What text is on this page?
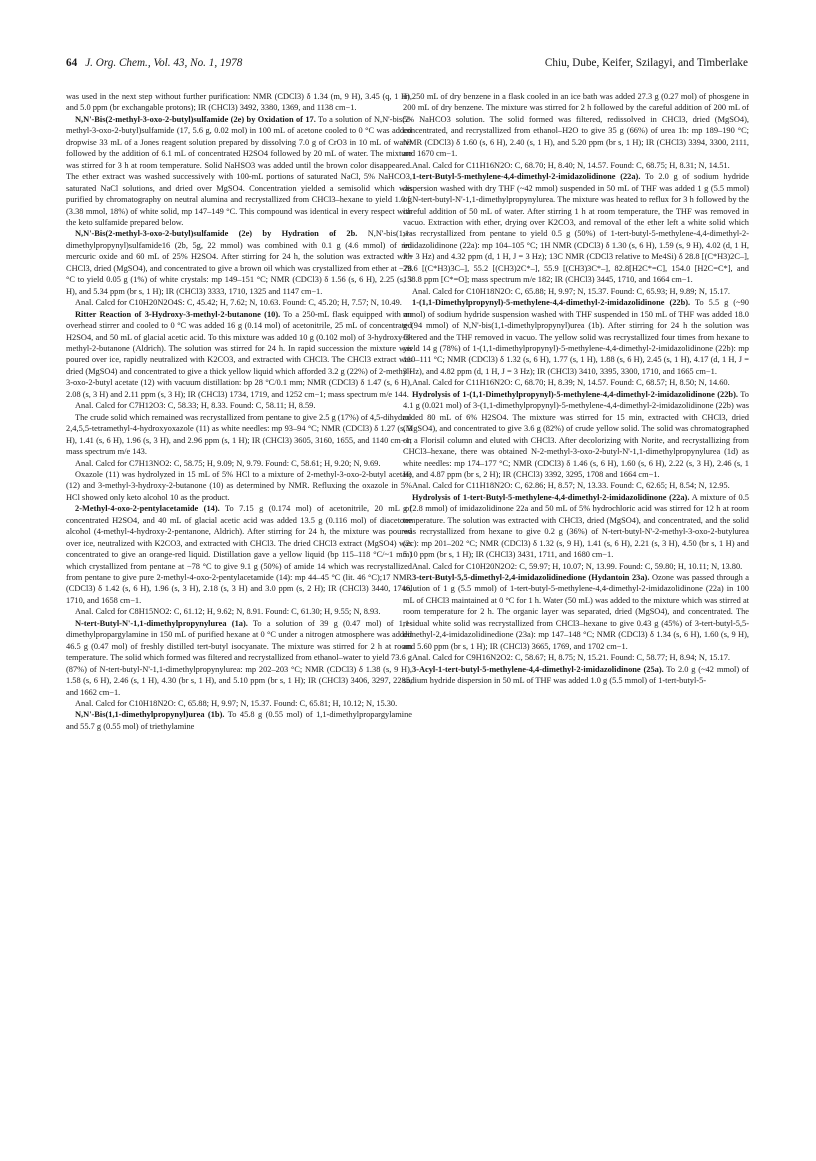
64 J. Org. Chem., Vol. 43, No. 1, 1978	Chiu, Dube, Keifer, Szilagyi, and Timberlake

was used in the next step without further purification: NMR (CDCl3) δ 1.34 (m, 9 H), 3.45 (q, 1 H), and 5.0 ppm (br exchangable protons); IR (CHCl3) 3492, 3380, 1369, and 1138 cm−1.

N,N'-Bis(2-methyl-3-oxo-2-butyl)sulfamide (2e) by Oxidation of 17. To a solution of N,N'-bis(2-methyl-3-oxo-2-butyl)sulfamide (17, 5.6 g, 0.02 mol) in 100 mL of acetone cooled to 0 °C was added dropwise 33 mL of a Jones reagent solution prepared by dissolving 7.0 g of CrO3 in 10 mL of water followed by the addition of 6.1 mL of concentrated H2SO4 followed by 20 mL of water. The mixture was stirred for 3 h at room temperature. Solid NaHSO3 was added until the brown color disappeared. The ether extract was washed successively with 100-mL portions of saturated NaCl, 5% NaHCO3, saturated NaCl solutions, and dried over MgSO4. Concentration yielded a semisolid which was purified by chromatography on neutral alumina and recrystallized from CHCl3–hexane to yield 1.0 g (3.38 mmol, 18%) of white solid, mp 147–149 °C. This compound was identical in every respect with the keto sulfamide prepared below.

N,N'-Bis(2-methyl-3-oxo-2-butyl)sulfamide (2e) by Hydration of 2b. N,N'-bis(1,1-dimethylpropynyl)sulfamide16 (2b, 5g, 22 mmol) was combined with 0.1 g (4.6 mmol) of red mercuric oxide and 60 mL of 25% H2SO4. After stirring for 24 h, the solution was extracted with CHCl3, dried (MgSO4), and concentrated to give a brown oil which was crystallized from ether at −78 °C to yield 0.05 g (1%) of white crystals: mp 149–151 °C; NMR (CDCl3) δ 1.56 (s, 6 H), 2.25 (s, 3 H), and 5.34 ppm (br s, 1 H); IR (CHCl3) 3333, 1710, 1325 and 1147 cm−1.

Anal. Calcd for C10H20N2O4S: C, 45.42; H, 7.62; N, 10.63. Found: C, 45.20; H, 7.57; N, 10.49.

Ritter Reaction of 3-Hydroxy-3-methyl-2-butanone (10). To a 250-mL flask equipped with an overhead stirrer and cooled to 0 °C was added 16 g (0.14 mol) of acetonitrile, 25 mL of concentrated H2SO4, and 50 mL of glacial acetic acid. To this mixture was added 10 g (0.102 mol) of 3-hydroxy-3-methyl-2-butanone (Aldrich). The solution was stirred for 24 h. In rapid succession the mixture was poured over ice, rapidly neutralized with K2CO3, and extracted with CHCl3. The CHCl3 extract was dried (MgSO4) and concentrated to give a thick yellow liquid which afforded 3.2 g (22%) of 2-methyl-3-oxo-2-butyl acetate (12) with vacuum distillation: bp 28 °C/0.1 mm; NMR (CDCl3) δ 1.47 (s, 6 H), 2.08 (s, 3 H) and 2.11 ppm (s, 3 H); IR (CHCl3) 1734, 1719, and 1252 cm−1; mass spectrum m/e 144.

Anal. Calcd for C7H12O3: C, 58.33; H, 8.33. Found: C, 58.11; H, 8.59.

The crude solid which remained was recrystallized from pentane to give 2.5 g (17%) of 4,5-dihydro-2,4,5,5-tetramethyl-4-hydroxyoxazole (11) as white needles: mp 93–94 °C; NMR (CDCl3) δ 1.27 (s, 3 H), 1.41 (s, 6 H), 1.96 (s, 3 H), and 2.96 ppm (s, 1 H); IR (CHCl3) 3605, 3160, 1655, and 1140 cm−1; mass spectrum m/e 143.

Anal. Calcd for C7H13NO2: C, 58.75; H, 9.09; N, 9.79. Found: C, 58.61; H, 9.20; N, 9.69.

Oxazole (11) was hydrolyzed in 15 mL of 5% HCl to a mixture of 2-methyl-3-oxo-2-butyl acetate (12) and 3-methyl-3-hydroxy-2-butanone (10) as determined by NMR. Refluxing the oxazole in 5% HCl showed only keto alcohol 10 as the product.

2-Methyl-4-oxo-2-pentylacetamide (14). To 7.15 g (0.174 mol) of acetonitrile, 20 mL of concentrated H2SO4, and 40 mL of glacial acetic acid was added 13.5 g (0.116 mol) of diacetone alcohol (4-methyl-4-hydroxy-2-pentanone, Aldrich). After stirring for 24 h, the mixture was poured over ice, neutralized with K2CO3, and extracted with CHCl3. The dried CHCl3 extract (MgSO4) was concentrated to give an orange-red liquid. Distillation gave a yellow liquid (bp 115–118 °C/~1 mm) which crystallized from pentane at −78 °C to give 9.1 g (50%) of amide 14 which was recrystallized from pentane to give pure 2-methyl-4-oxo-2-pentylacetamide (14): mp 44–45 °C (lit. 46 °C);17 NMR (CDCl3) δ 1.42 (s, 6 H), 1.96 (s, 3 H), 2.18 (s, 3 H) and 3.0 ppm (s, 2 H); IR (CHCl3) 3440, 1746, 1710, and 1658 cm−1.

Anal. Calcd for C8H15NO2: C, 61.12; H, 9.62; N, 8.91. Found: C, 61.30; H, 9.55; N, 8.93.

N-tert-Butyl-N'-1,1-dimethylpropynylurea (1a). To a solution of 39 g (0.47 mol) of 1,1-dimethylpropargylamine in 150 mL of purified hexane at 0 °C under a nitrogen atmosphere was added 46.5 g (0.47 mol) of freshly distilled tert-butyl isocyanate. The mixture was stirred for 2 h at room temperature. The solid which formed was filtered and recrystallized from ethanol–water to yield 73.6 g (87%) of N-tert-butyl-N'-1,1-dimethylpropynylurea: mp 202–203 °C; NMR (CDCl3) δ 1.38 (s, 9 H), 1.58 (s, 6 H), 2.46 (s, 1 H), 4.30 (br s, 1 H), and 5.10 ppm (br s, 1 H); IR (CHCl3) 3406, 3297, 2285, and 1662 cm−1.

Anal. Calcd for C10H18N2O: C, 65.88; H, 9.97; N, 15.37. Found: C, 65.81; H, 10.12; N, 15.30.

N,N'-Bis(1,1-dimethylpropynyl)urea (1b). To 45.8 g (0.55 mol) of 1,1-dimethylpropargylamine and 55.7 g (0.55 mol) of triethylamine

in 250 mL of dry benzene in a flask cooled in an ice bath was added 27.3 g (0.27 mol) of phosgene in 200 mL of dry benzene. The mixture was stirred for 2 h followed by the careful addition of 200 mL of 5% NaHCO3 solution. The solid formed was filtered, redissolved in CHCl3, dried (MgSO4), concentrated, and recrystallized from ethanol–H2O to give 35 g (66%) of urea 1b: mp 189–190 °C; NMR (CDCl3) δ 1.60 (s, 6 H), 2.40 (s, 1 H), and 5.20 ppm (br s, 1 H); IR (CHCl3) 3394, 3300, 2111, and 1670 cm−1.

Anal. Calcd for C11H16N2O: C, 68.70; H, 8.40; N, 14.57. Found: C, 68.75; H, 8.31; N, 14.51.

1-tert-Butyl-5-methylene-4,4-dimethyl-2-imidazolidinone (22a). To 2.0 g of sodium hydride dispersion washed with dry THF (~42 mmol) suspended in 50 mL of THF was added 1 g (5.5 mmol) of N-tert-butyl-N'-1,1-dimethylpropynylurea. The mixture was heated to reflux for 3 h followed by the careful addition of 50 mL of water. After stirring 1 h at room temperature, the THF was removed in vacuo. Extraction with ether, drying over K2CO3, and removal of the ether left a white solid which was recrystallized from pentane to yield 0.5 g (50%) of 1-tert-butyl-5-methylene-4,4-dimethyl-2-imidazolidinone (22a): mp 104–105 °C; 1H NMR (CDCl3) δ 1.30 (s, 6 H), 1.59 (s, 9 H), 4.02 (d, 1 H, J = 3 Hz) and 4.32 ppm (d, 1 H, J = 3 Hz); 13C NMR (CDCl3 relative to Me4Si) δ 28.8 [(C*H3)2C–], 29.6 [(C*H3)3C–], 55.2 [(CH3)2C*–], 55.9 [(CH3)3C*–], 82.8[H2C*=C], 154.0 [H2C=C*], and 158.8 ppm [C*=O]; mass spectrum m/e 182; IR (CHCl3) 3445, 1710, and 1664 cm−1.

Anal. Calcd for C10H18N2O: C, 65.88; H, 9.97; N, 15.37. Found: C, 65.93; H, 9.89; N, 15.17.

1-(1,1-Dimethylpropynyl)-5-methylene-4,4-dimethyl-2-imidazolidinone (22b). To 5.5 g (~90 mmol) of sodium hydride suspension washed with THF suspended in 150 mL of THF was added 18.0 g (94 mmol) of N,N'-bis(1,1-dimethylpropynyl)urea (1b). After stirring for 24 h the solution was filtered and the THF removed in vacuo. The yellow solid was recrystallized four times from hexane to yield 14 g (78%) of 1-(1,1-dimethylpropynyl)-5-methylene-4,4-dimethyl-2-imidazolidinone (22b): mp 110–111 °C; NMR (CDCl3) δ 1.32 (s, 6 H), 1.77 (s, 1 H), 1.88 (s, 6 H), 2.45 (s, 1 H), 4.17 (d, 1 H, J = 3 Hz), and 4.82 ppm (d, 1 H, J = 3 Hz); IR (CHCl3) 3410, 3395, 3300, 1710, and 1665 cm−1.

Anal. Calcd for C11H16N2O: C, 68.70; H, 8.39; N, 14.57. Found: C, 68.57; H, 8.50; N, 14.60.

Hydrolysis of 1-(1,1-Dimethylpropynyl)-5-methylene-4,4-dimethyl-2-imidazolidinone (22b). To 4.1 g (0.021 mol) of 3-(1,1-dimethylpropynyl)-5-methylene-4,4-dimethyl-2-imidazolidinone (22b) was added 80 mL of 6% H2SO4. The mixture was stirred for 15 min, extracted with CHCl3, dried (MgSO4), and concentrated to give 3.6 g (82%) of crude yellow solid. The solid was chromatographed on a Florisil column and eluted with CHCl3. After decolorizing with Norite, and recrystallizing from CHCl3–hexane, there was obtained N-2-methyl-3-oxo-2-butyl-N'-1,1-dimethylpropynylurea (1d) as white needles: mp 174–177 °C; NMR (CDCl3) δ 1.46 (s, 6 H), 1.60 (s, 6 H), 2.22 (s, 3 H), 2.46 (s, 1 H), and 4.87 ppm (br s, 2 H); IR (CHCl3) 3392, 3295, 1708 and 1664 cm−1.

Anal. Calcd for C11H18N2O: C, 62.86; H, 8.57; N, 13.33. Found: C, 62.65; H, 8.54; N, 12.95.

Hydrolysis of 1-tert-Butyl-5-methylene-4,4-dimethyl-2-imidazolidinone (22a). A mixture of 0.5 g (2.8 mmol) of imidazolidinone 22a and 50 mL of 5% hydrochloric acid was stirred for 12 h at room temperature. The solution was extracted with CHCl3, dried (MgSO4), and concentrated, and the solid was recrystallized from hexane to give 0.2 g (36%) of N-tert-butyl-N'-2-methyl-3-oxo-2-butylurea (2c): mp 201–202 °C; NMR (CDCl3) δ 1.32 (s, 9 H), 1.41 (s, 6 H), 2.21 (s, 3 H), 4.50 (br s, 1 H) and 5.10 ppm (br s, 1 H); IR (CHCl3) 3431, 1711, and 1680 cm−1.

Anal. Calcd for C10H20N2O2: C, 59.97; H, 10.07; N, 13.99. Found: C, 59.80; H, 10.11; N, 13.80.

3-tert-Butyl-5,5-dimethyl-2,4-imidazolidinedione (Hydantoin 23a). Ozone was passed through a solution of 1 g (5.5 mmol) of 1-tert-butyl-5-methylene-4,4-dimethyl-2-imidazolidinone (22a) in 100 mL of CHCl3 maintained at 0 °C for 1 h. Water (50 mL) was added to the mixture which was stirred at room temperature for 2 h. The organic layer was separated, dried (MgSO4), and concentrated. The residual white solid was recrystallized from CHCl3–hexane to give 0.43 g (45%) of 3-tert-butyl-5,5-dimethyl-2,4-imidazolidinedione (23a): mp 147–148 °C; NMR (CDCl3) δ 1.34 (s, 6 H), 1.60 (s, 9 H), and 5.60 ppm (br s, 1 H); IR (CHCl3) 3665, 1769, and 1702 cm−1.

Anal. Calcd for C9H16N2O2: C, 58.67; H, 8.75; N, 15.21. Found: C, 58.77; H, 8.94; N, 15.17.

3-Acyl-1-tert-butyl-5-methylene-4,4-dimethyl-2-imidazolidinone (25a). To 2.0 g (~42 mmol) of sodium hydride dispersion in 50 mL of THF was added 1.0 g (5.5 mmol) of 1-tert-butyl-5-
